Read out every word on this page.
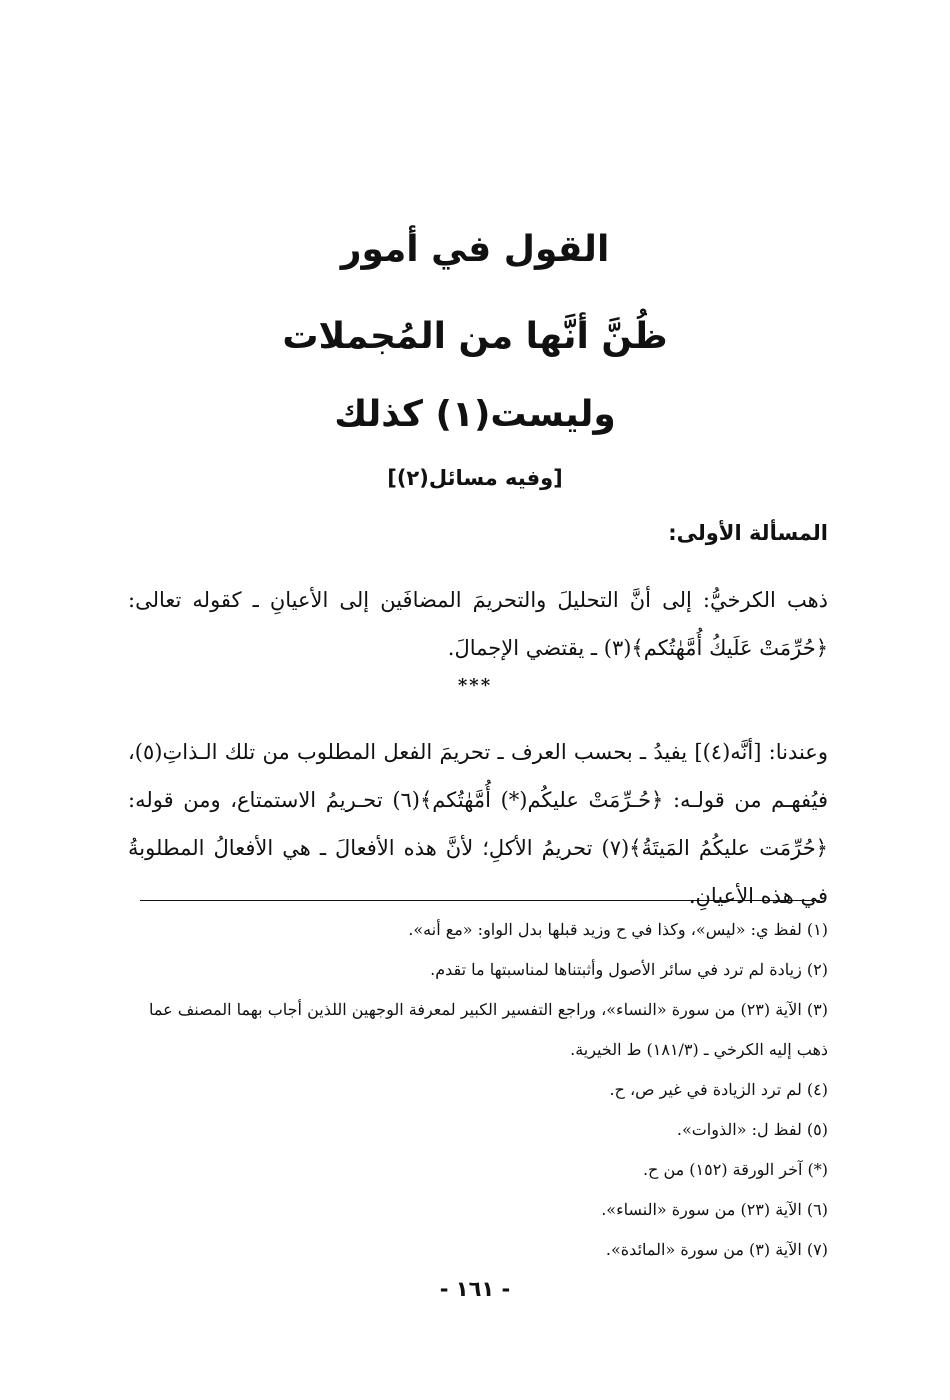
القول في أمور
ظُنَّ أنَّها من المُجملات
وليست(١) كذلك
[وفيه مسائل(٢)]
المسألة الأولى:

ذهب الكرخيُّ: إلى أنَّ التحليلَ والتحريمَ المضافَين إلى الأعيانِ ـ كقوله تعالى: ﴿حُرِّمَتْ عَلَيكُ أُمَّهٰتُكم﴾(٣) ـ يقتضي الإجمالَ.

***

وعندنا: [أنَّه(٤)] يفيدُ ـ بحسب العرف ـ تحريمَ الفعل المطلوب من تلك الـذاتِ(٥)، فيُفهـم من قولـه: ﴿حُـرِّمَتْ عليكُم(*) أُمَّهٰتُكم﴾(٦) تحـريمُ الاستمتاع، ومن قوله: ﴿حُرِّمَت عليكُمُ المَيتَةُ﴾(٧) تحريمُ الأكلِ؛ لأنَّ هذه الأفعالَ ـ هي الأفعالُ المطلوبةُ في هذه الأعيانِ.

(١) لفظ ي: «ليس»، وكذا في ح وزيد قبلها بدل الواو: «مع أنه».

(٢) زيادة لم ترد في سائر الأصول وأثبتناها لمناسبتها ما تقدم.

(٣) الآية (٢٣) من سورة «النساء»، وراجع التفسير الكبير لمعرفة الوجهين اللذين أجاب بهما المصنف عما ذهب إليه الكرخي ـ (١٨١/٣) ط الخيرية.

(٤) لم ترد الزيادة في غير ص، ح.

(٥) لفظ ل: «الذوات».

(*) آخر الورقة (١٥٢) من ح.

(٦) الآية (٢٣) من سورة «النساء».

(٧) الآية (٣) من سورة «المائدة».

- ١٦١ -
